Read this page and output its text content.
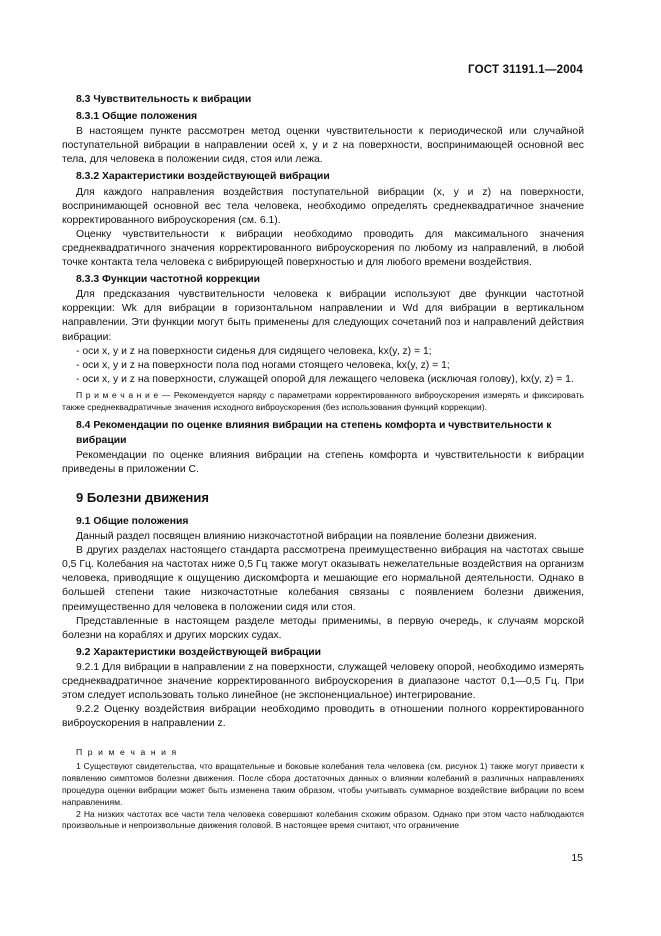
ГОСТ 31191.1—2004
8.3 Чувствительность к вибрации
8.3.1 Общие положения

В настоящем пункте рассмотрен метод оценки чувствительности к периодической или случайной поступательной вибрации в направлении осей x, y и z на поверхности, воспринимающей основной вес тела, для человека в положении сидя, стоя или лежа.

8.3.2 Характеристики воздействующей вибрации

Для каждого направления воздействия поступательной вибрации (x, y и z) на поверхности, воспринимающей основной вес тела человека, необходимо определять среднеквадратичное значение корректированного виброускорения (см. 6.1).

Оценку чувствительности к вибрации необходимо проводить для максимального значения среднеквадратичного значения корректированного виброускорения по любому из направлений, в любой точке контакта тела человека с вибрирующей поверхностью и для любого времени воздействия.

8.3.3 Функции частотной коррекции

Для предсказания чувствительности человека к вибрации используют две функции частотной коррекции: Wk для вибрации в горизонтальном направлении и Wd для вибрации в вертикальном направлении. Эти функции могут быть применены для следующих сочетаний поз и направлений действия вибрации:

- оси x, y и z на поверхности сиденья для сидящего человека, kx(y, z) = 1;

- оси x, y и z на поверхности пола под ногами стоящего человека, kx(y, z) = 1;

- оси x, y и z на поверхности, служащей опорой для лежащего человека (исключая голову), kx(y, z) = 1.

П р и м е ч а н и е — Рекомендуется наряду с параметрами корректированного виброускорения измерять и фиксировать также среднеквадратичные значения исходного виброускорения (без использования функций коррекции).

8.4 Рекомендации по оценке влияния вибрации на степень комфорта и чувствительности к вибрации

Рекомендации по оценке влияния вибрации на степень комфорта и чувствительности к вибрации приведены в приложении С.

9 Болезни движения
9.1 Общие положения

Данный раздел посвящен влиянию низкочастотной вибрации на появление болезни движения.

В других разделах настоящего стандарта рассмотрена преимущественно вибрация на частотах свыше 0,5 Гц. Колебания на частотах ниже 0,5 Гц также могут оказывать нежелательные воздействия на организм человека, приводящие к ощущению дискомфорта и мешающие его нормальной деятельности. Однако в большей степени такие низкочастотные колебания связаны с появлением болезни движения, преимущественно для человека в положении сидя или стоя.

Представленные в настоящем разделе методы применимы, в первую очередь, к случаям морской болезни на кораблях и других морских судах.

9.2 Характеристики воздействующей вибрации

9.2.1 Для вибрации в направлении z на поверхности, служащей человеку опорой, необходимо измерять среднеквадратичное значение корректированного виброускорения в диапазоне частот 0,1—0,5 Гц. При этом следует использовать только линейное (не экспоненциальное) интегрирование.

9.2.2 Оценку воздействия вибрации необходимо проводить в отношении полного корректированного виброускорения в направлении z.

П р и м е ч а н и я

1 Существуют свидетельства, что вращательные и боковые колебания тела человека (см. рисунок 1) также могут привести к появлению симптомов болезни движения. После сбора достаточных данных о влиянии колебаний в различных направлениях процедура оценки вибрации может быть изменена таким образом, чтобы учитывать суммарное воздействие вибрации по всем направлениям.

2 На низких частотах все части тела человека совершают колебания схожим образом. Однако при этом часто наблюдаются произвольные и непроизвольные движения головой. В настоящее время считают, что ограничение

15
